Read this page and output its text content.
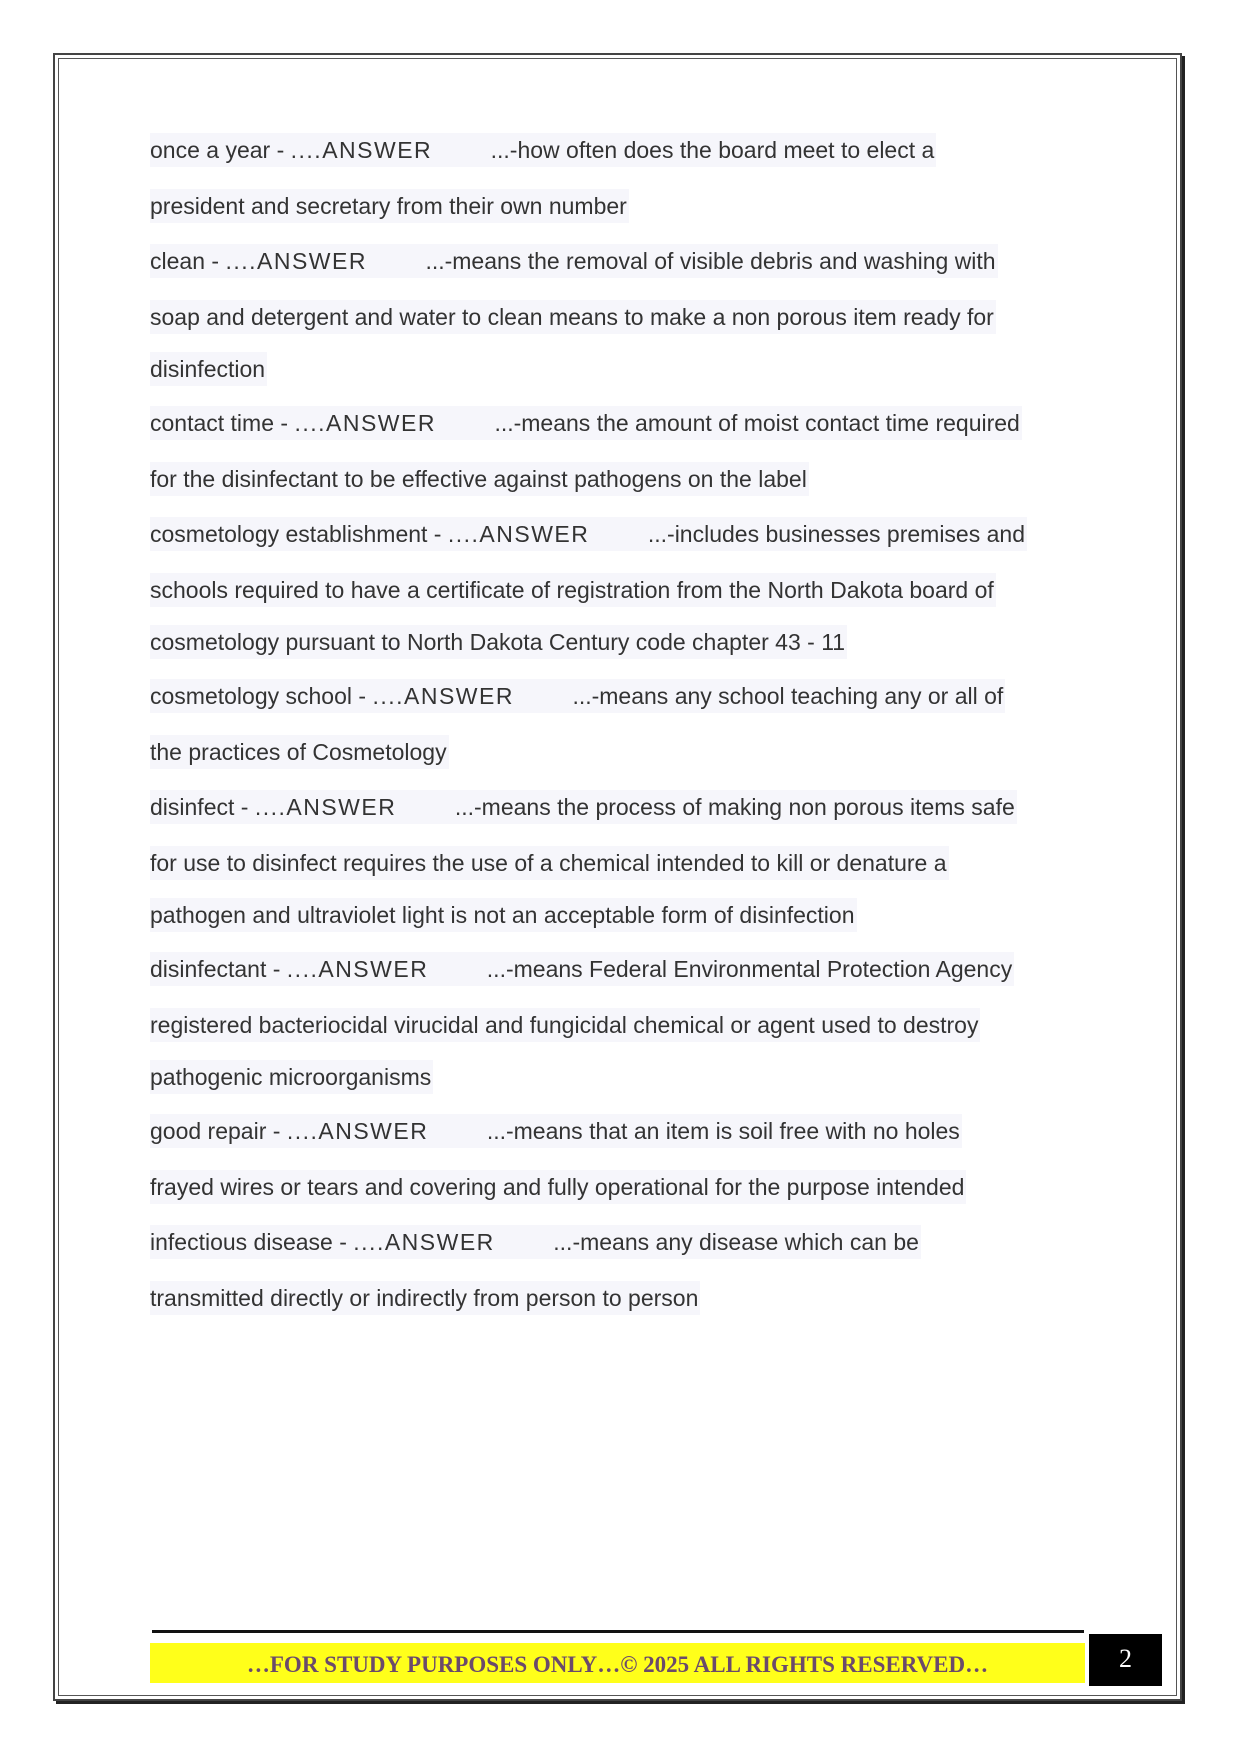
once a year - ....ANSWER	...-how often does the board meet to elect a
president and secretary from their own number
clean - ....ANSWER	...-means the removal of visible debris and washing with
soap and detergent and water to clean means to make a non porous item ready for
disinfection
contact time - ....ANSWER	...-means the amount of moist contact time required
for the disinfectant to be effective against pathogens on the label
cosmetology establishment - ....ANSWER	...-includes businesses premises and
schools required to have a certificate of registration from the North Dakota board of
cosmetology pursuant to North Dakota Century code chapter 43 - 11
cosmetology school - ....ANSWER	...-means any school teaching any or all of
the practices of Cosmetology
disinfect - ....ANSWER	...-means the process of making non porous items safe
for use to disinfect requires the use of a chemical intended to kill or denature a
pathogen and ultraviolet light is not an acceptable form of disinfection
disinfectant - ....ANSWER	...-means Federal Environmental Protection Agency
registered bacteriocidal virucidal and fungicidal chemical or agent used to destroy
pathogenic microorganisms
good repair - ....ANSWER	...-means that an item is soil free with no holes
frayed wires or tears and covering and fully operational for the purpose intended
infectious disease - ....ANSWER	...-means any disease which can be
transmitted directly or indirectly from person to person
…FOR STUDY PURPOSES ONLY…© 2025 ALL RIGHTS RESERVED…	2
